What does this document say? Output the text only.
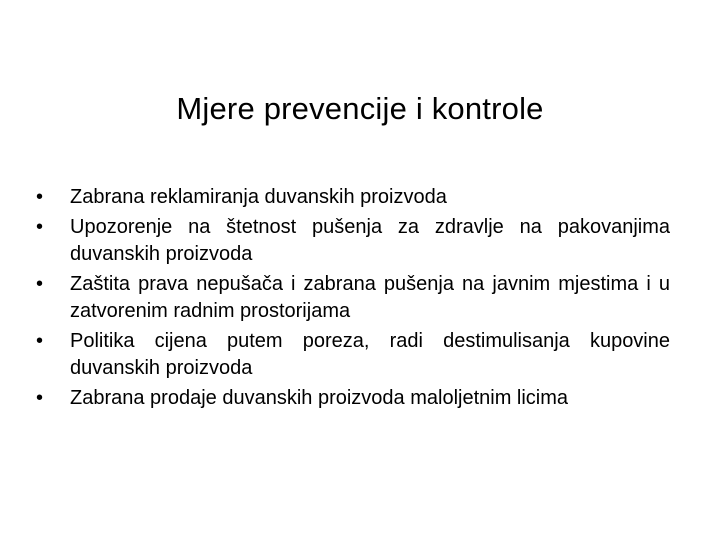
Mjere prevencije i kontrole
•	Zabrana reklamiranja duvanskih proizvoda
•	Upozorenje na štetnost pušenja za zdravlje na pakovanjima duvanskih proizvoda
•	Zaštita prava nepušača i zabrana pušenja na javnim mjestima i u zatvorenim radnim prostorijama
•	Politika cijena putem poreza, radi destimulisanja kupovine duvanskih proizvoda
•	Zabrana prodaje duvanskih proizvoda maloljetnim licima
